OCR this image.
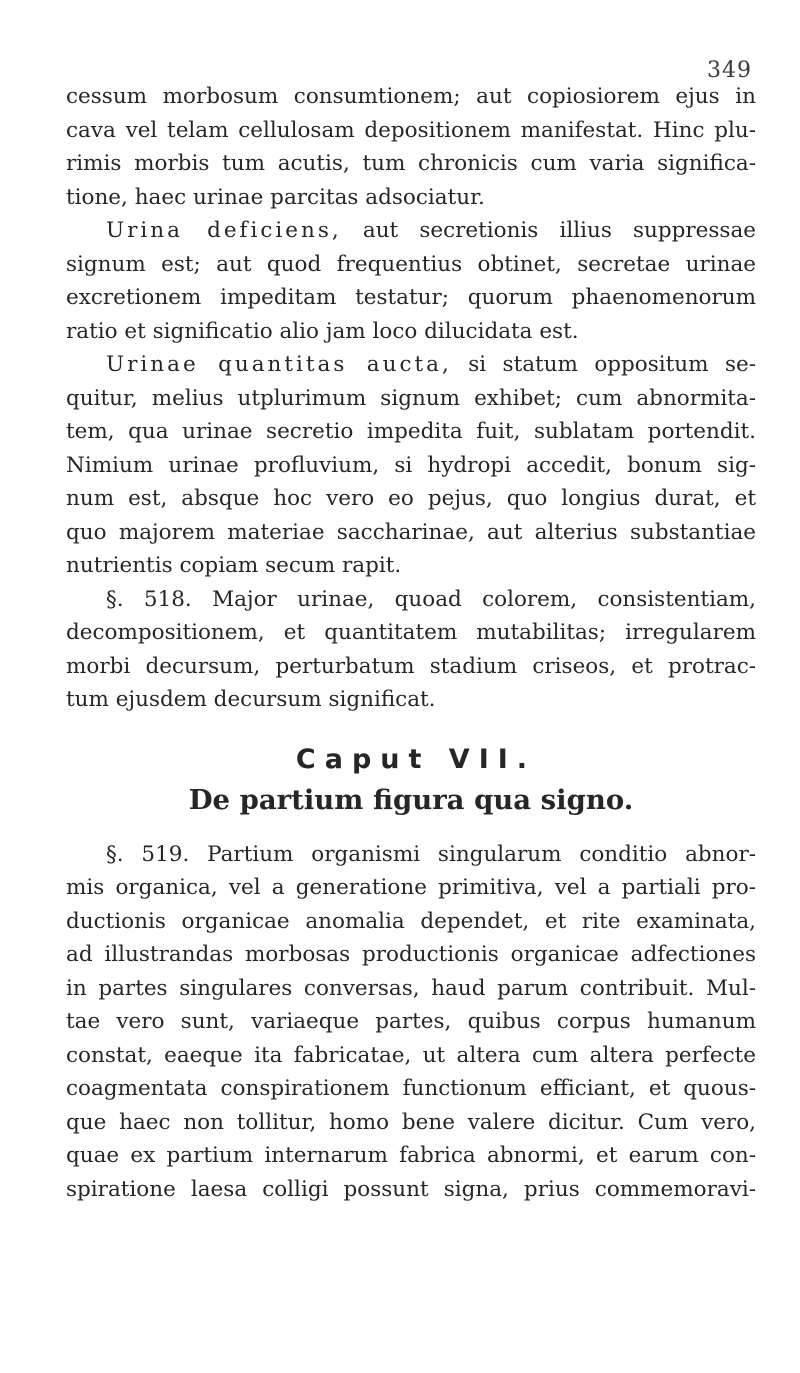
349
cessum morbosum consumtionem; aut copiosiorem ejus in
cava vel telam cellulosam depositionem manifestat. Hinc plu-
rimis morbis tum acutis, tum chronicis cum varia significa-
tione, haec urinae parcitas adsociatur.
Urina deficiens, aut secretionis illius suppressae
signum est; aut quod frequentius obtinet, secretae urinae
excretionem impeditam testatur; quorum phaenomenorum
ratio et significatio alio jam loco dilucidata est.
Urinae quantitas aucta, si statum oppositum se-
quitur, melius utplurimum signum exhibet; cum abnormita-
tem, qua urinae secretio impedita fuit, sublatam portendit.
Nimium urinae profluvium, si hydropi accedit, bonum sig-
num est, absque hoc vero eo pejus, quo longius durat, et
quo majorem materiae saccharinae, aut alterius substantiae
nutrientis copiam secum rapit.
§. 518. Major urinae, quoad colorem, consistentiam,
decompositionem, et quantitatem mutabilitas; irregularem
morbi decursum, perturbatum stadium criseos, et protrac-
tum ejusdem decursum significat.
Caput VII.
De partium figura qua signo.
§. 519. Partium organismi singularum conditio abnor-
mis organica, vel a generatione primitiva, vel a partiali pro-
ductionis organicae anomalia dependet, et rite examinata,
ad illustrandas morbosas productionis organicae adfectiones
in partes singulares conversas, haud parum contribuit. Mul-
tae vero sunt, variaeque partes, quibus corpus humanum
constat, eaeque ita fabricatae, ut altera cum altera perfecte
coagmentata conspirationem functionum efficiant, et quous-
que haec non tollitur, homo bene valere dicitur. Cum vero,
quae ex partium internarum fabrica abnormi, et earum con-
spiratione laesa colligi possunt signa, prius commemoravi-
